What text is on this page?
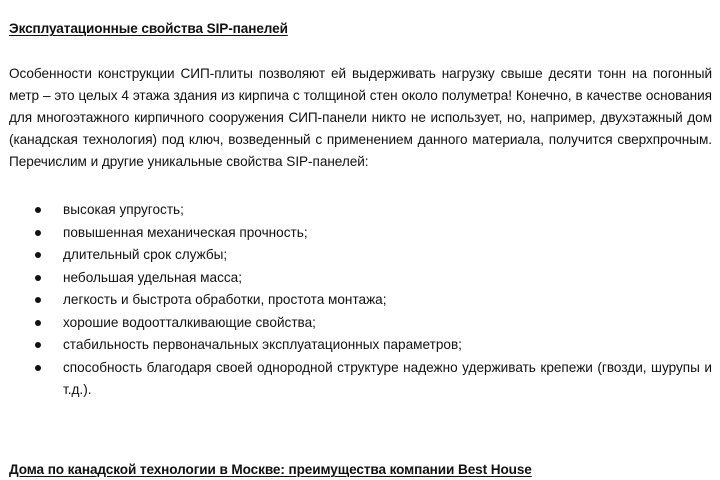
Эксплуатационные свойства SIP-панелей

Особенности конструкции СИП-плиты позволяют ей выдерживать нагрузку свыше десяти тонн на погонный метр – это целых 4 этажа здания из кирпича с толщиной стен около полуметра! Конечно, в качестве основания для многоэтажного кирпичного сооружения СИП-панели никто не использует, но, например, двухэтажный дом (канадская технология) под ключ, возведенный с применением данного материала, получится сверхпрочным. Перечислим и другие уникальные свойства SIP-панелей:

высокая упругость;
повышенная механическая прочность;
длительный срок службы;
небольшая удельная масса;
легкость и быстрота обработки, простота монтажа;
хорошие водоотталкивающие свойства;
стабильность первоначальных эксплуатационных параметров;
способность благодаря своей однородной структуре надежно удерживать крепежи (гвозди, шурупы и т.д.).
Дома по канадской технологии в Москве: преимущества компании Best House
